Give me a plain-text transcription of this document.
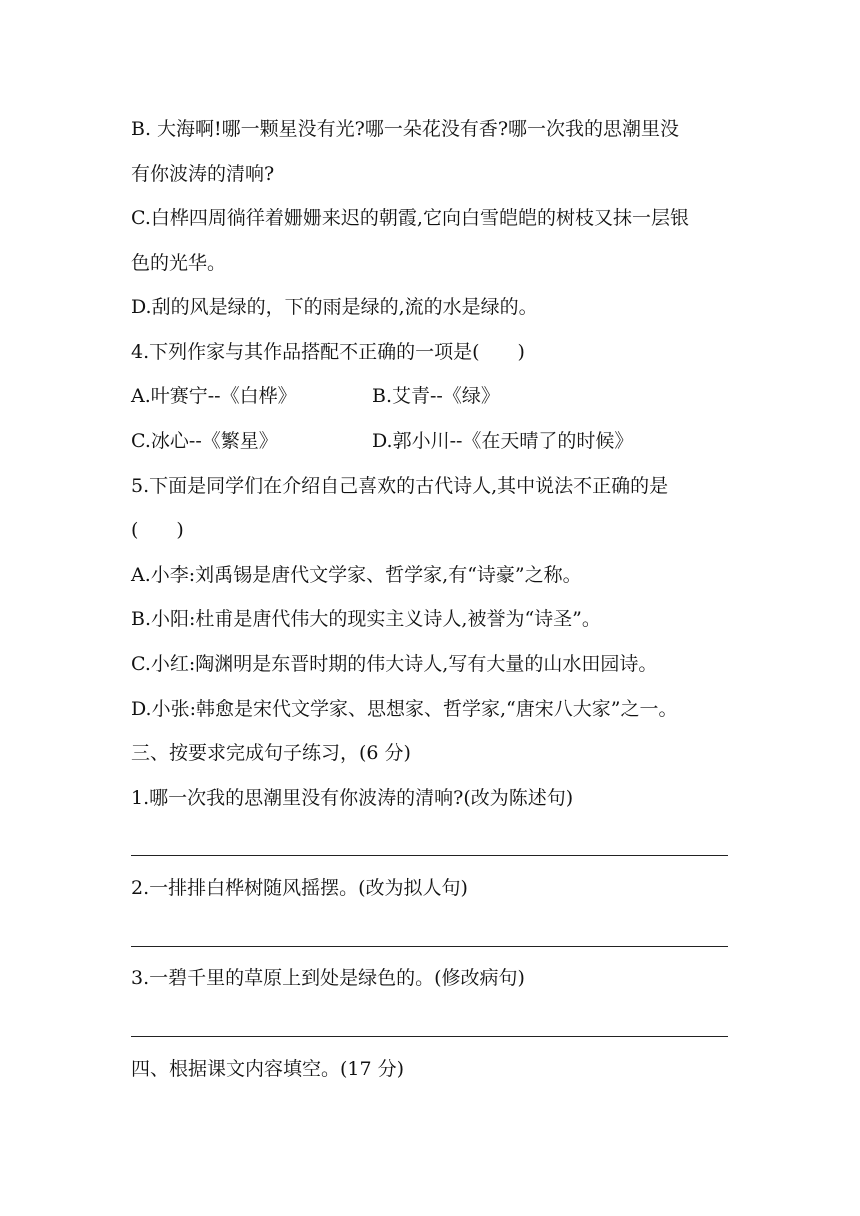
B. 大海啊!哪一颗星没有光?哪一朵花没有香?哪一次我的思潮里没
有你波涛的清响?
C.白桦四周徜徉着姗姗来迟的朝霞,它向白雪皑皑的树枝又抹一层银
色的光华。
D.刮的风是绿的，下的雨是绿的,流的水是绿的。
4.下列作家与其作品搭配不正确的一项是(　　)
A.叶赛宁--《白桦》	B.艾青--《绿》
C.冰心--《繁星》	D.郭小川--《在天晴了的时候》
5.下面是同学们在介绍自己喜欢的古代诗人,其中说法不正确的是
(　　)
A.小李:刘禹锡是唐代文学家、哲学家,有“诗豪”之称。
B.小阳:杜甫是唐代伟大的现实主义诗人,被誉为“诗圣”。
C.小红:陶渊明是东晋时期的伟大诗人,写有大量的山水田园诗。
D.小张:韩愈是宋代文学家、思想家、哲学家,“唐宋八大家”之一。
三、按要求完成句子练习，(6 分)
1.哪一次我的思潮里没有你波涛的清响?(改为陈述句)
2.一排排白桦树随风摇摆。(改为拟人句)
3.一碧千里的草原上到处是绿色的。(修改病句)
四、根据课文内容填空。(17 分)
